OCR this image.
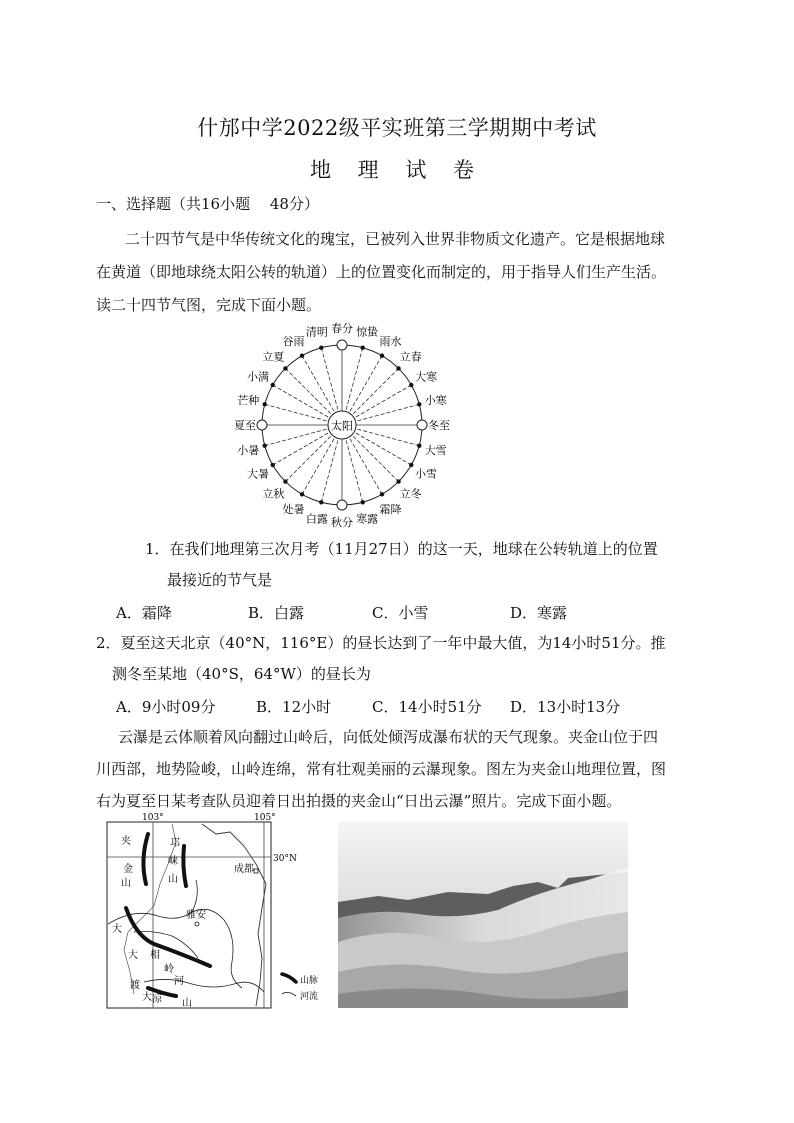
什邡中学2022级平实班第三学期期中考试
地 理 试 卷
一、选择题（共16小题　 48分）
二十四节气是中华传统文化的瑰宝，已被列入世界非物质文化遗产。它是根据地球
在黄道（即地球绕太阳公转的轨道）上的位置变化而制定的，用于指导人们生产生活。
读二十四节气图，完成下面小题。
春分 惊蛰
雨水
立春
大寒
小寒
冬至
大雪
小雪
立冬
霜降
寒露
秋分
白露
处暑
立秋
大暑
小暑
夏至
芒种
小满
立夏
谷雨
清明
太阳
1．在我们地理第三次月考（11月27日）的这一天，地球在公转轨道上的位置
最接近的节气是
A．霜降	B．白露	C．小雪	D．寒露
2．夏至这天北京（40°N，116°E）的昼长达到了一年中最大值，为14小时51分。推
测冬至某地（40°S，64°W）的昼长为
A．9小时09分	B．12小时	C．14小时51分 D．13小时13分
云瀑是云体顺着风向翻过山岭后，向低处倾泻成瀑布状的天气现象。夹金山位于四
川西部，地势险峻，山岭连绵，常有壮观美丽的云瀑现象。图左为夹金山地理位置，图
右为夏至日某考查队员迎着日出拍摄的夹金山“日出云瀑”照片。完成下面小题。
103°	105°
30°N
夹
金
山
邛
崃
山
成都
雅安
大
大 相
岭
渡
大
河
凉 山
山脉
河流
